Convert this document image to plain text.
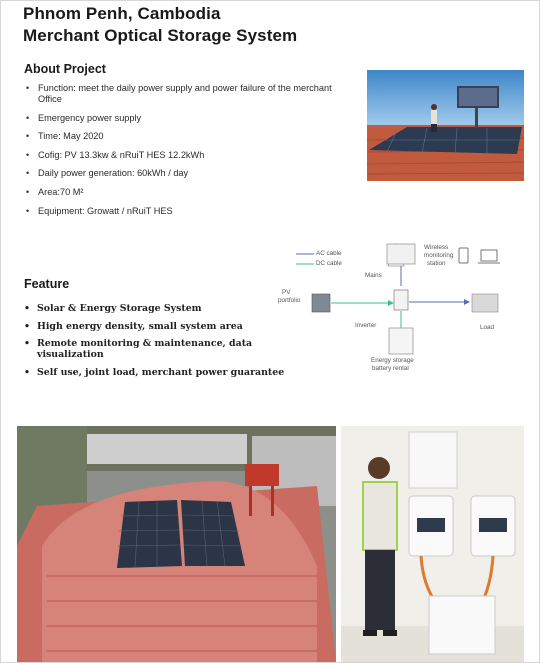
Phnom Penh, Cambodia
Merchant Optical Storage System
About Project
• Function: meet the daily power supply and power failure of the merchant Office
• Emergency power supply
• Time: May 2020
• Cofig: PV 13.3kw & nRuiT HES 12.2kWh
• Daily power generation: 60kWh / day
• Area:70 M²
• Equipment: Growatt / nRuiT HES
Feature
• Solar & Energy Storage System
• High energy density, small system area
• Remote monitoring & maintenance, data visualization
• Self use, joint load, merchant power guarantee
AC cable
DC cable
Mains
Wireless
monitoring
station
PV
portfolio
Inverter	Load
Energy storage
battery rental
